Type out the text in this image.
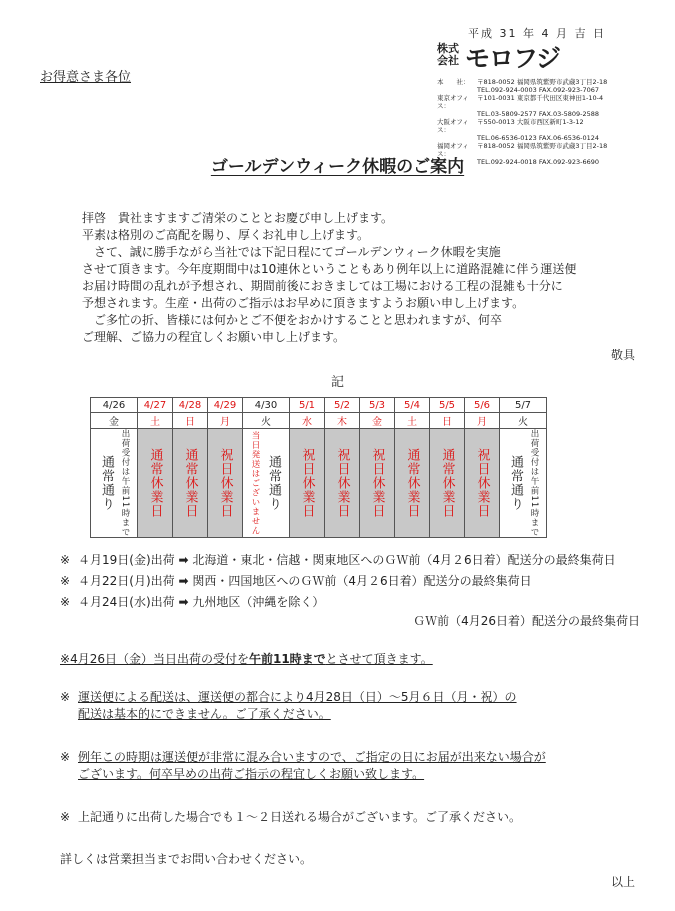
平成 31 年 4 月 吉 日
お得意さま各位
株式会社 モロフジ
本　　社：	〒818-0052 福岡県筑紫野市武蔵3丁目2-18
TEL.092-924-0003 FAX.092-923-7067
東京オフィス：
〒101-0031 東京都千代田区東神田1-10-4
TEL.03-5809-2577 FAX.03-5809-2588
大阪オフィス：
〒550-0013 大阪市西区新町1-3-12
TEL.06-6536-0123 FAX.06-6536-0124
福岡オフィス：
〒818-0052 福岡県筑紫野市武蔵3丁目2-18
TEL.092-924-0018 FAX.092-923-6690
ゴールデンウィーク休暇のご案内

拝啓　貴社ますますご清栄のこととお慶び申し上げます。

平素は格別のご高配を賜り、厚くお礼申し上げます。

　さて、誠に勝手ながら当社では下記日程にてゴールデンウィーク休暇を実施

させて頂きます。今年度期間中は10連休ということもあり例年以上に道路混雑に伴う運送便

お届け時間の乱れが予想され、期間前後におきましては工場における工程の混雑も十分に

予想されます。生産・出荷のご指示はお早めに頂きますようお願い申し上げます。

　ご多忙の折、皆様には何かとご不便をおかけすることと思われますが、何卒

ご理解、ご協力の程宜しくお願い申し上げます。

敬具
記
4/26	4/27	4/28	4/29	4/30	5/1	5/2	5/3	5/4	5/5	5/6	5/7
金	土	日	月	火	水	木	金	土	日	月	火

通常通り 出荷受付は午前11時まで	通常休業日	通常休業日	祝日休業日	当日発送はございません 通常通り	祝日休業日	祝日休業日	祝日休業日	通常休業日	通常休業日	祝日休業日	通常通り 出荷受付は午前11時まで
※ ４月19日(金)出荷 ➡ 北海道・東北・信越・関東地区へのＧＷ前（4月２6日着）配送分の最終集荷日
※ ４月22日(月)出荷 ➡ 関西・四国地区へのＧＷ前（4月２6日着）配送分の最終集荷日
※ ４月24日(水)出荷 ➡ 九州地区（沖縄を除く）
ＧＷ前（4月26日着）配送分の最終集荷日
※4月26日（金）当日出荷の受付を午前11時までとさせて頂きます。
※ 運送便による配送は、運送便の都合により4月28日（日）～5月６日（月・祝）の
配送は基本的にできません。ご了承ください。
※ 例年この時期は運送便が非常に混み合いますので、ご指定の日にお届が出来ない場合が
ございます。何卒早めの出荷ご指示の程宜しくお願い致します。
※ 上記通りに出荷した場合でも１～２日送れる場合がございます。ご了承ください。
詳しくは営業担当までお問い合わせください。
以上
